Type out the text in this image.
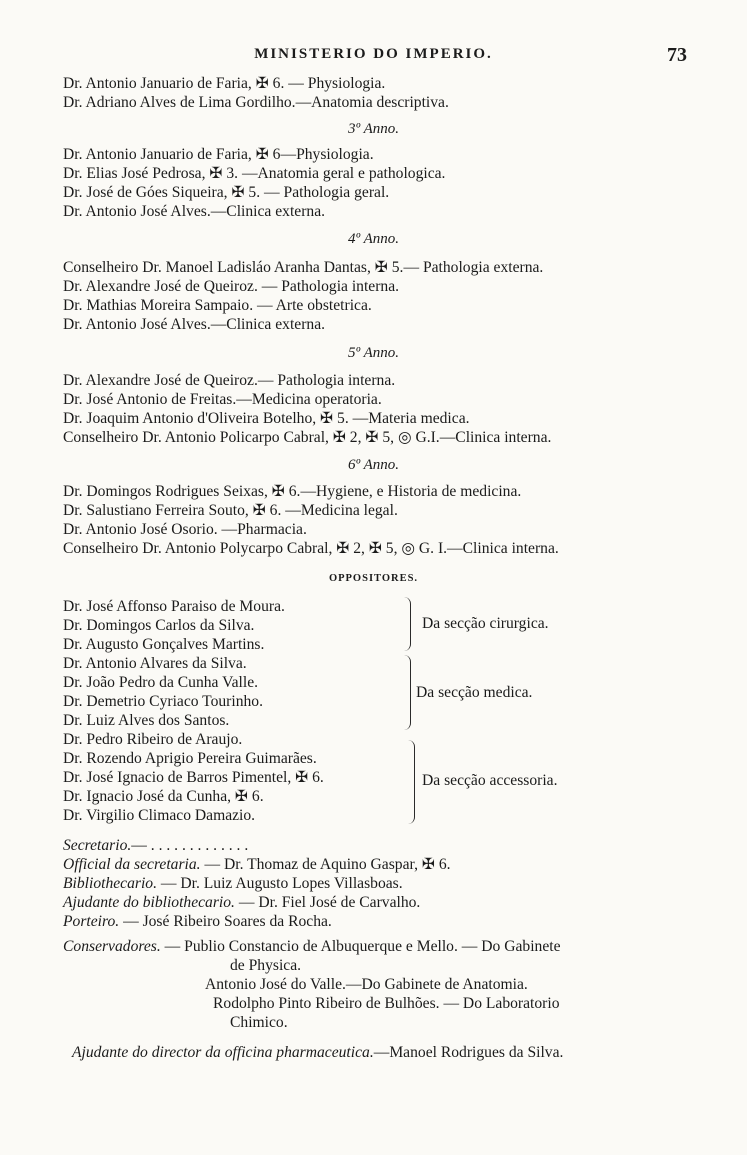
MINISTERIO DO IMPERIO.	73
Dr. Antonio Januario de Faria, ✠ 6. — Physiologia.
Dr. Adriano Alves de Lima Gordilho.—Anatomia descriptiva.
3º Anno.
Dr. Antonio Januario de Faria, ✠ 6—Physiologia.
Dr. Elias José Pedrosa, ✠ 3. —Anatomia geral e pathologica.
Dr. José de Góes Siqueira, ✠ 5. — Pathologia geral.
Dr. Antonio José Alves.—Clinica externa.
4º Anno.
Conselheiro Dr. Manoel Ladisláo Aranha Dantas, ✠ 5.— Pathologia externa.
Dr. Alexandre José de Queiroz. — Pathologia interna.
Dr. Mathias Moreira Sampaio. — Arte obstetrica.
Dr. Antonio José Alves.—Clinica externa.
5º Anno.
Dr. Alexandre José de Queiroz.— Pathologia interna.
Dr. José Antonio de Freitas.—Medicina operatoria.
Dr. Joaquim Antonio d'Oliveira Botelho, ✠ 5. —Materia medica.
Conselheiro Dr. Antonio Policarpo Cabral, ✠ 2, ✠ 5, ◎ G.I.—Clinica interna.
6º Anno.
Dr. Domingos Rodrigues Seixas, ✠ 6.—Hygiene, e Historia de medicina.
Dr. Salustiano Ferreira Souto, ✠ 6. —Medicina legal.
Dr. Antonio José Osorio. —Pharmacia.
Conselheiro Dr. Antonio Polycarpo Cabral, ✠ 2, ✠ 5, ◎ G. I.—Clinica interna.
OPPOSITORES.
Dr. José Affonso Paraiso de Moura.
Dr. Domingos Carlos da Silva.
Dr. Augusto Gonçalves Martins.
Dr. Antonio Alvares da Silva.
Dr. João Pedro da Cunha Valle.
Dr. Demetrio Cyriaco Tourinho.
Dr. Luiz Alves dos Santos.
Dr. Pedro Ribeiro de Araujo.
Dr. Rozendo Aprigio Pereira Guimarães.
Dr. José Ignacio de Barros Pimentel, ✠ 6.
Dr. Ignacio José da Cunha, ✠ 6.
Dr. Virgilio Climaco Damazio.
Da secção cirurgica.
Da secção medica.
Da secção accessoria.
Secretario.— . . . . . . . . . . . . .
Official da secretaria. — Dr. Thomaz de Aquino Gaspar, ✠ 6.
Bibliothecario. — Dr. Luiz Augusto Lopes Villasboas.
Ajudante do bibliothecario. — Dr. Fiel José de Carvalho.
Porteiro. — José Ribeiro Soares da Rocha.
Conservadores. — Publio Constancio de Albuquerque e Mello. — Do Gabinete
de Physica.
Antonio José do Valle.—Do Gabinete de Anatomia.
Rodolpho Pinto Ribeiro de Bulhões. — Do Laboratorio
Chimico.
Ajudante do director da officina pharmaceutica.—Manoel Rodrigues da Silva.
